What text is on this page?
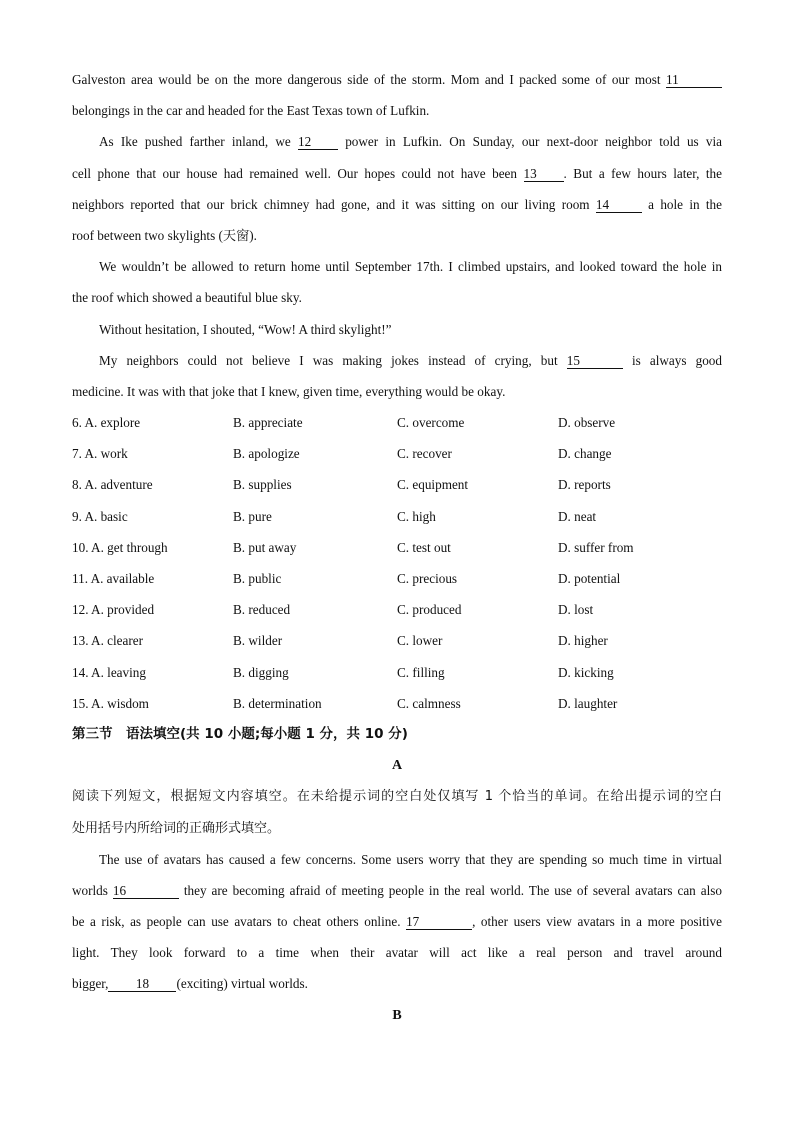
Galveston area would be on the more dangerous side of the storm. Mom and I packed some of our most 11
belongings in the car and headed for the East Texas town of Lufkin.
As Ike pushed farther inland, we 12	power in Lufkin. On Sunday, our next-door neighbor told us via
cell phone that our house had remained well. Our hopes could not have been 13 . But a few hours later, the
neighbors reported that our brick chimney had gone, and it was sitting on our living room 14	a hole in the
roof between two skylights (天窗).
We wouldn’t be allowed to return home until September 17th. I climbed upstairs, and looked toward the hole in
the roof which showed a beautiful blue sky.
Without hesitation, I shouted, “Wow! A third skylight!”
My neighbors could not believe I was making jokes instead of crying, but 15	is always good
medicine. It was with that joke that I knew, given time, everything would be okay.
6. A. explore	B. appreciate	C. overcome	D. observe
7. A. work	B. apologize	C. recover	D. change
8. A. adventure	B. supplies	C. equipment	D. reports
9. A. basic	B. pure	C. high	D. neat
10. A. get through	B. put away	C. test out	D. suffer from
11. A. available	B. public	C. precious	D. potential
12. A. provided	B. reduced	C. produced	D. lost
13. A. clearer	B. wilder	C. lower	D. higher
14. A. leaving	B. digging	C. filling	D. kicking
15. A. wisdom	B. determination	C. calmness	D. laughter
第三节　语法填空(共 10 小题;每小题 1 分，共 10 分)
A
阅读下列短文，根据短文内容填空。在未给提示词的空白处仅填写 1 个恰当的单词。在给出提示词的空白
处用括号内所给词的正确形式填空。
The use of avatars has caused a few concerns. Some users worry that they are spending so much time in virtual
worlds 16	they are becoming afraid of meeting people in the real world. The use of several avatars can also
be a risk, as people can use avatars to cheat others online. 17	, other users view avatars in a more positive
light. They look forward to a time when their avatar will act like a real person and travel around
bigger, 18 (exciting) virtual worlds.
B
